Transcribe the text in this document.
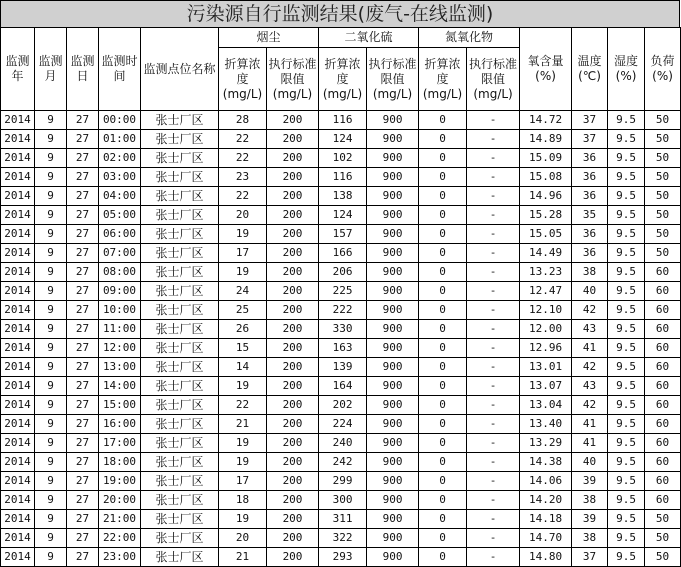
污染源自行监测结果(废气-在线监测)
监测年	监测月	监测日	监测时间	监测点位名称	烟尘		二氧化硫		氮氧化物		氧含量(%)	温度(℃)	湿度(%)	负荷(%)
					折算浓度(mg/L)	执行标准限值(mg/L)	折算浓度(mg/L)	执行标准限值(mg/L)	折算浓度(mg/L)	执行标准限值(mg/L)				
2014	9	27	00:00	张士厂区	28	200	116	900	0	-	14.72	37	9.5	50
2014	9	27	01:00	张士厂区	22	200	124	900	0	-	14.89	37	9.5	50
2014	9	27	02:00	张士厂区	22	200	102	900	0	-	15.09	36	9.5	50
2014	9	27	03:00	张士厂区	23	200	116	900	0	-	15.08	36	9.5	50
2014	9	27	04:00	张士厂区	22	200	138	900	0	-	14.96	36	9.5	50
2014	9	27	05:00	张士厂区	20	200	124	900	0	-	15.28	35	9.5	50
2014	9	27	06:00	张士厂区	19	200	157	900	0	-	15.05	36	9.5	50
2014	9	27	07:00	张士厂区	17	200	166	900	0	-	14.49	36	9.5	50
2014	9	27	08:00	张士厂区	19	200	206	900	0	-	13.23	38	9.5	60
2014	9	27	09:00	张士厂区	24	200	225	900	0	-	12.47	40	9.5	60
2014	9	27	10:00	张士厂区	25	200	222	900	0	-	12.10	42	9.5	60
2014	9	27	11:00	张士厂区	26	200	330	900	0	-	12.00	43	9.5	60
2014	9	27	12:00	张士厂区	15	200	163	900	0	-	12.96	41	9.5	60
2014	9	27	13:00	张士厂区	14	200	139	900	0	-	13.01	42	9.5	60
2014	9	27	14:00	张士厂区	19	200	164	900	0	-	13.07	43	9.5	60
2014	9	27	15:00	张士厂区	22	200	202	900	0	-	13.04	42	9.5	60
2014	9	27	16:00	张士厂区	21	200	224	900	0	-	13.40	41	9.5	60
2014	9	27	17:00	张士厂区	19	200	240	900	0	-	13.29	41	9.5	60
2014	9	27	18:00	张士厂区	19	200	242	900	0	-	14.38	40	9.5	60
2014	9	27	19:00	张士厂区	17	200	299	900	0	-	14.06	39	9.5	60
2014	9	27	20:00	张士厂区	18	200	300	900	0	-	14.20	38	9.5	60
2014	9	27	21:00	张士厂区	19	200	311	900	0	-	14.18	39	9.5	50
2014	9	27	22:00	张士厂区	20	200	322	900	0	-	14.70	38	9.5	50
2014	9	27	23:00	张士厂区	21	200	293	900	0	-	14.80	37	9.5	50
